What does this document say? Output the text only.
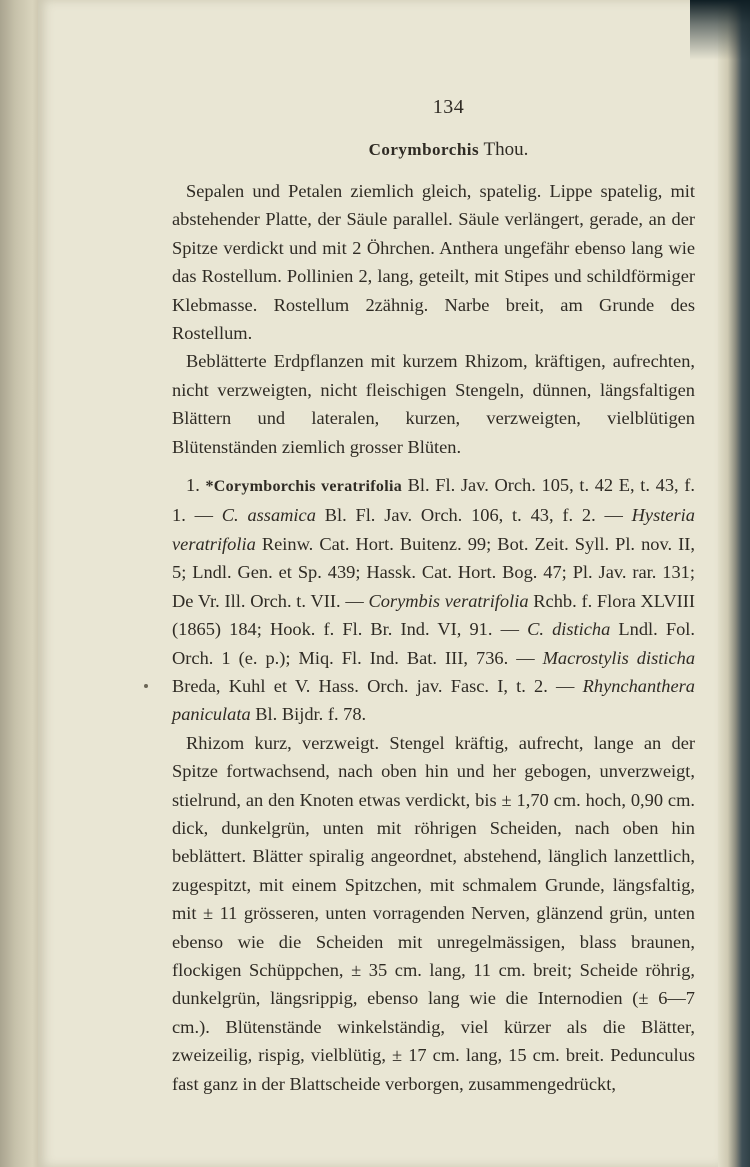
134
Corymborchis Thou.

Sepalen und Petalen ziemlich gleich, spatelig. Lippe spatelig, mit abstehender Platte, der Säule parallel. Säule verlängert, gerade, an der Spitze verdickt und mit 2 Öhrchen. Anthera ungefähr ebenso lang wie das Rostellum. Pollinien 2, lang, geteilt, mit Stipes und schildförmiger Klebmasse. Rostellum 2zähnig. Narbe breit, am Grunde des Rostellum.

Beblätterte Erdpflanzen mit kurzem Rhizom, kräftigen, aufrechten, nicht verzweigten, nicht fleischigen Stengeln, dünnen, längsfaltigen Blättern und lateralen, kurzen, verzweigten, vielblütigen Blütenständen ziemlich grosser Blüten.

1. *Corymborchis veratrifolia Bl. Fl. Jav. Orch. 105, t. 42 E, t. 43, f. 1. — C. assamica Bl. Fl. Jav. Orch. 106, t. 43, f. 2. — Hysteria veratrifolia Reinw. Cat. Hort. Buitenz. 99; Bot. Zeit. Syll. Pl. nov. II, 5; Lndl. Gen. et Sp. 439; Hassk. Cat. Hort. Bog. 47; Pl. Jav. rar. 131; De Vr. Ill. Orch. t. VII. — Corymbis veratrifolia Rchb. f. Flora XLVIII (1865) 184; Hook. f. Fl. Br. Ind. VI, 91. — C. disticha Lndl. Fol. Orch. 1 (e. p.); Miq. Fl. Ind. Bat. III, 736. — Macrostylis disticha Breda, Kuhl et V. Hass. Orch. jav. Fasc. I, t. 2. — Rhynchanthera paniculata Bl. Bijdr. f. 78.

Rhizom kurz, verzweigt. Stengel kräftig, aufrecht, lange an der Spitze fortwachsend, nach oben hin und her gebogen, unverzweigt, stielrund, an den Knoten etwas verdickt, bis ± 1,70 cm. hoch, 0,90 cm. dick, dunkelgrün, unten mit röhrigen Scheiden, nach oben hin beblättert. Blätter spiralig angeordnet, abstehend, länglich lanzettlich, zugespitzt, mit einem Spitzchen, mit schmalem Grunde, längsfaltig, mit ± 11 grösseren, unten vorragenden Nerven, glänzend grün, unten ebenso wie die Scheiden mit unregelmässigen, blass braunen, flockigen Schüppchen, ± 35 cm. lang, 11 cm. breit; Scheide röhrig, dunkelgrün, längsrippig, ebenso lang wie die Internodien (± 6—7 cm.). Blütenstände winkelständig, viel kürzer als die Blätter, zweizeilig, rispig, vielblütig, ± 17 cm. lang, 15 cm. breit. Pedunculus fast ganz in der Blattscheide verborgen, zusammengedrückt,
